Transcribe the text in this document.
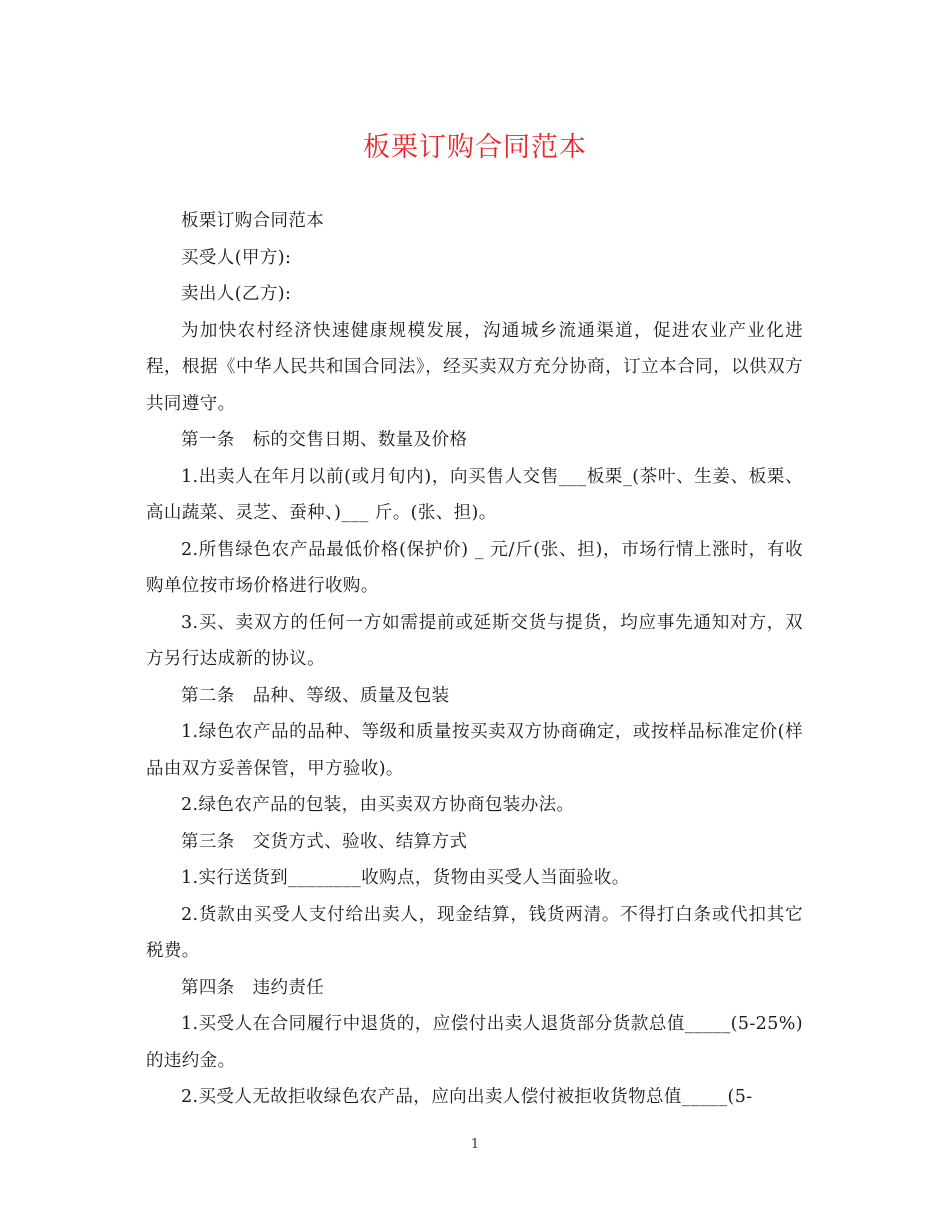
板栗订购合同范本

板栗订购合同范本

买受人(甲方):

卖出人(乙方):

为加快农村经济快速健康规模发展，沟通城乡流通渠道，促进农业产业化进程，根据《中华人民共和国合同法》，经买卖双方充分协商，订立本合同，以供双方共同遵守。

第一条　标的交售日期、数量及价格

1.出卖人在年月以前(或月旬内)，向买售人交售___板栗_(茶叶、生姜、板栗、高山蔬菜、灵芝、蚕种、)___ 斤。(张、担)。

2.所售绿色农产品最低价格(保护价) _ 元/斤(张、担)，市场行情上涨时，有收购单位按市场价格进行收购。

3.买、卖双方的任何一方如需提前或延斯交货与提货，均应事先通知对方，双方另行达成新的协议。

第二条　品种、等级、质量及包装

1.绿色农产品的品种、等级和质量按买卖双方协商确定，或按样品标准定价(样品由双方妥善保管，甲方验收)。

2.绿色农产品的包装，由买卖双方协商包装办法。

第三条　交货方式、验收、结算方式

1.实行送货到________收购点，货物由买受人当面验收。

2.货款由买受人支付给出卖人，现金结算，钱货两清。不得打白条或代扣其它税费。

第四条　违约责任

1.买受人在合同履行中退货的，应偿付出卖人退货部分货款总值_____(5-25%)的违约金。

2.买受人无故拒收绿色农产品，应向出卖人偿付被拒收货物总值_____(5-

1
